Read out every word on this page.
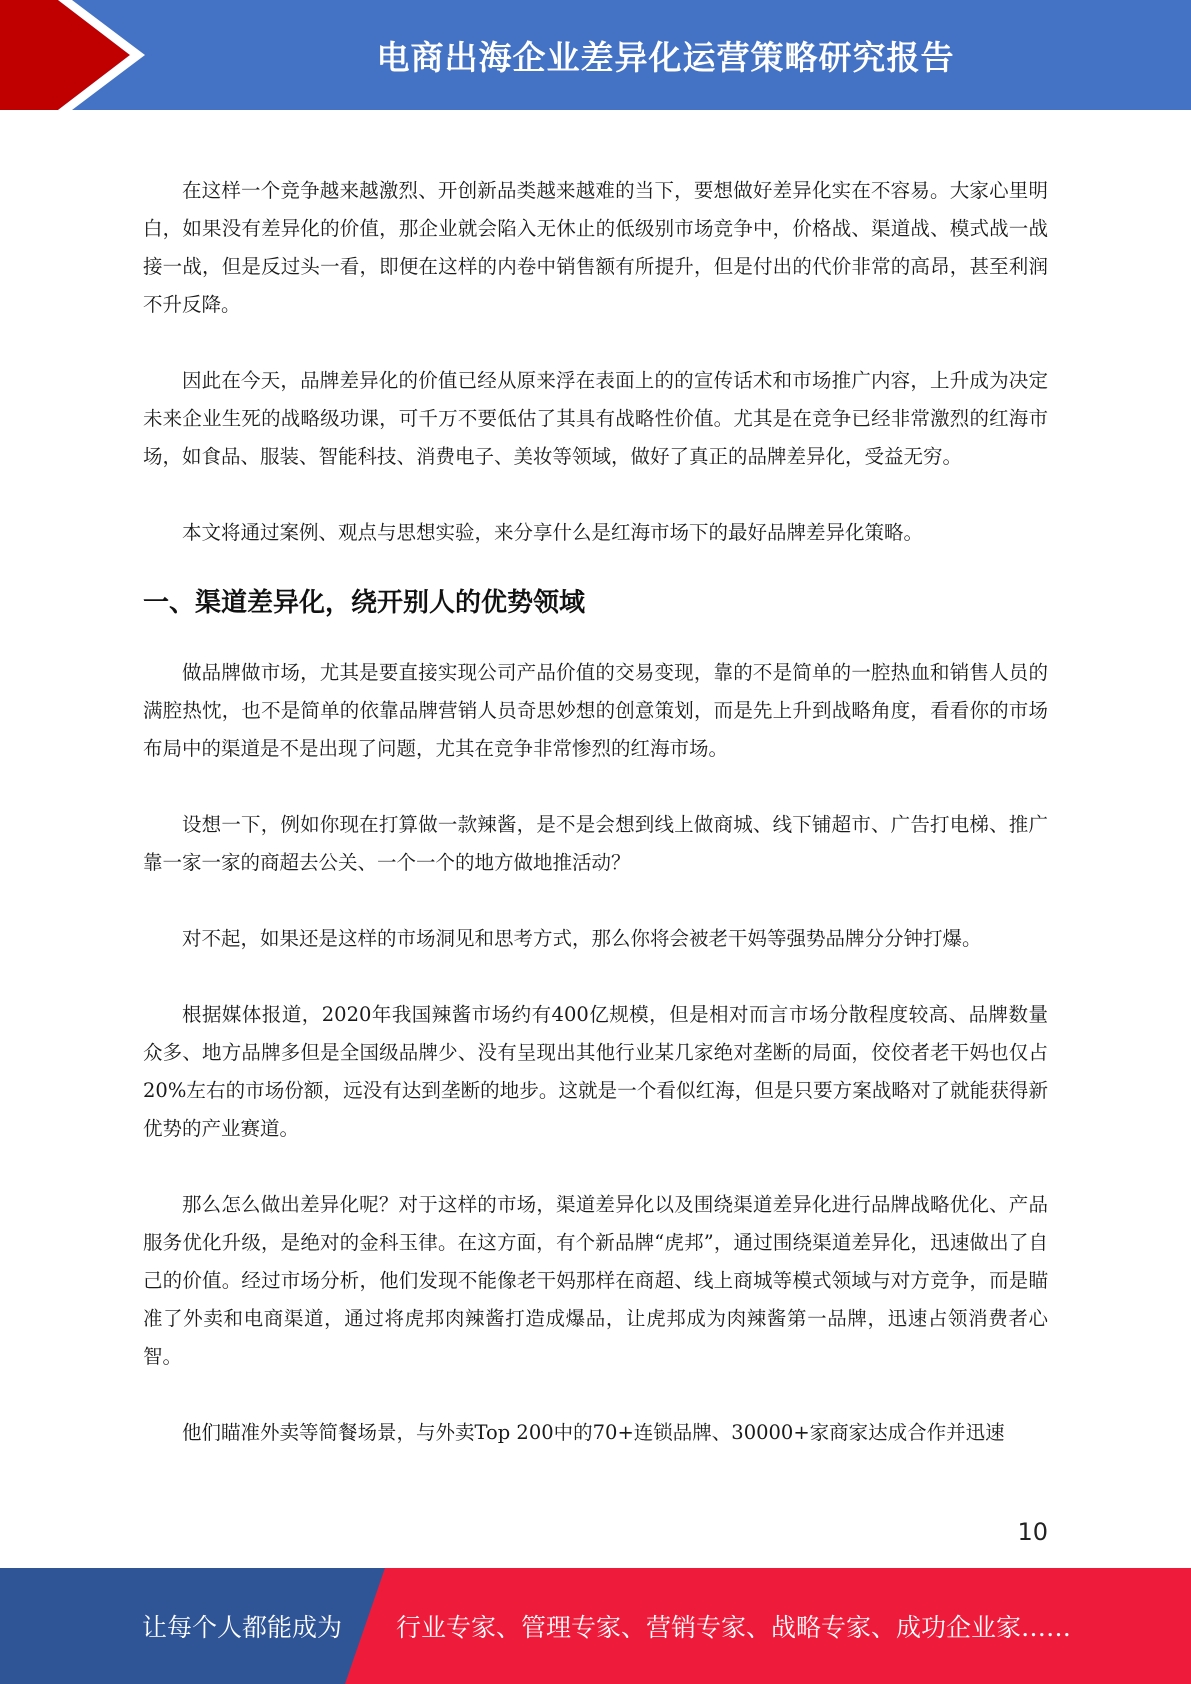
电商出海企业差异化运营策略研究报告

在这样一个竞争越来越激烈、开创新品类越来越难的当下，要想做好差异化实在不容易。大家心里明白，如果没有差异化的价值，那企业就会陷入无休止的低级别市场竞争中，价格战、渠道战、模式战一战接一战，但是反过头一看，即便在这样的内卷中销售额有所提升，但是付出的代价非常的高昂，甚至利润不升反降。

因此在今天，品牌差异化的价值已经从原来浮在表面上的的宣传话术和市场推广内容，上升成为决定未来企业生死的战略级功课，可千万不要低估了其具有战略性价值。尤其是在竞争已经非常激烈的红海市场，如食品、服装、智能科技、消费电子、美妆等领域，做好了真正的品牌差异化，受益无穷。

本文将通过案例、观点与思想实验，来分享什么是红海市场下的最好品牌差异化策略。

一、渠道差异化，绕开别人的优势领域

做品牌做市场，尤其是要直接实现公司产品价值的交易变现，靠的不是简单的一腔热血和销售人员的满腔热忱，也不是简单的依靠品牌营销人员奇思妙想的创意策划，而是先上升到战略角度，看看你的市场布局中的渠道是不是出现了问题，尤其在竞争非常惨烈的红海市场。

设想一下，例如你现在打算做一款辣酱，是不是会想到线上做商城、线下铺超市、广告打电梯、推广靠一家一家的商超去公关、一个一个的地方做地推活动？

对不起，如果还是这样的市场洞见和思考方式，那么你将会被老干妈等强势品牌分分钟打爆。

根据媒体报道，2020年我国辣酱市场约有400亿规模，但是相对而言市场分散程度较高、品牌数量众多、地方品牌多但是全国级品牌少、没有呈现出其他行业某几家绝对垄断的局面，佼佼者老干妈也仅占20%左右的市场份额，远没有达到垄断的地步。这就是一个看似红海，但是只要方案战略对了就能获得新优势的产业赛道。

那么怎么做出差异化呢？对于这样的市场，渠道差异化以及围绕渠道差异化进行品牌战略优化、产品服务优化升级，是绝对的金科玉律。在这方面，有个新品牌“虎邦”，通过围绕渠道差异化，迅速做出了自己的价值。经过市场分析，他们发现不能像老干妈那样在商超、线上商城等模式领域与对方竞争，而是瞄准了外卖和电商渠道，通过将虎邦肉辣酱打造成爆品，让虎邦成为肉辣酱第一品牌，迅速占领消费者心智。

他们瞄准外卖等简餐场景，与外卖Top 200中的70+连锁品牌、30000+家商家达成合作并迅速

10
让每个人都能成为 行业专家、管理专家、营销专家、战略专家、成功企业家……
